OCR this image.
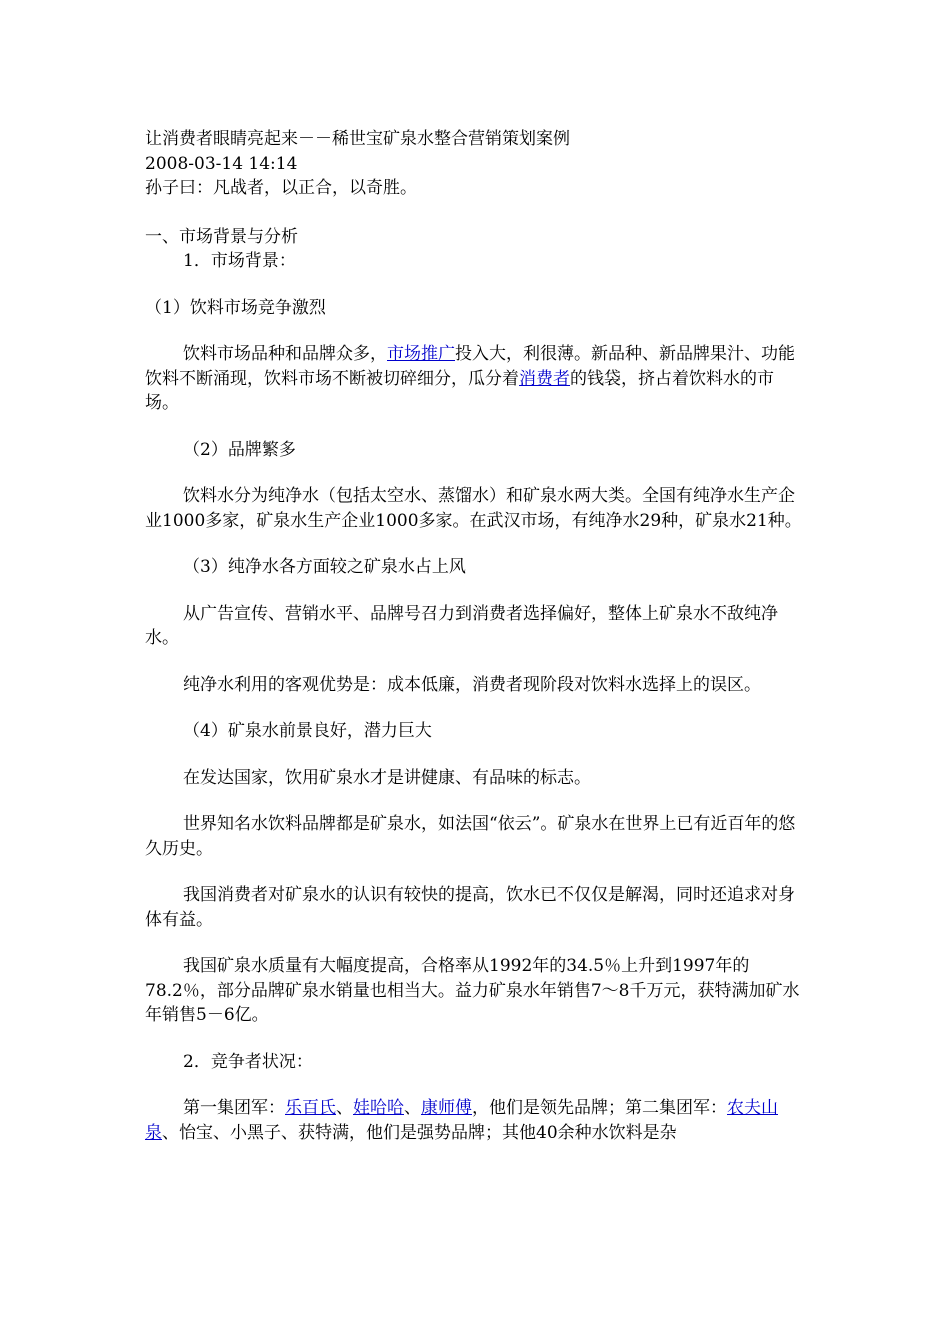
让消费者眼睛亮起来－－稀世宝矿泉水整合营销策划案例

2008-03-14 14:14

孙子曰：凡战者，以正合，以奇胜。

一、市场背景与分析

1．市场背景：

（1）饮料市场竞争激烈

饮料市场品种和品牌众多，市场推广投入大，利很薄。新品种、新品牌果汁、功能饮料不断涌现，饮料市场不断被切碎细分，瓜分着消费者的钱袋，挤占着饮料水的市场。

（2）品牌繁多

饮料水分为纯净水（包括太空水、蒸馏水）和矿泉水两大类。全国有纯净水生产企业1000多家，矿泉水生产企业1000多家。在武汉市场，有纯净水29种，矿泉水21种。

（3）纯净水各方面较之矿泉水占上风

从广告宣传、营销水平、品牌号召力到消费者选择偏好，整体上矿泉水不敌纯净水。

纯净水利用的客观优势是：成本低廉，消费者现阶段对饮料水选择上的误区。

（4）矿泉水前景良好，潜力巨大

在发达国家，饮用矿泉水才是讲健康、有品味的标志。

世界知名水饮料品牌都是矿泉水，如法国“依云”。矿泉水在世界上已有近百年的悠久历史。

我国消费者对矿泉水的认识有较快的提高，饮水已不仅仅是解渴，同时还追求对身体有益。

我国矿泉水质量有大幅度提高，合格率从1992年的34.5％上升到1997年的78.2％，部分品牌矿泉水销量也相当大。益力矿泉水年销售7～8千万元，获特满加矿水年销售5－6亿。

2．竞争者状况：

第一集团军：乐百氏、娃哈哈、康师傅，他们是领先品牌；第二集团军：农夫山泉、怡宝、小黑子、获特满，他们是强势品牌；其他40余种水饮料是杂
